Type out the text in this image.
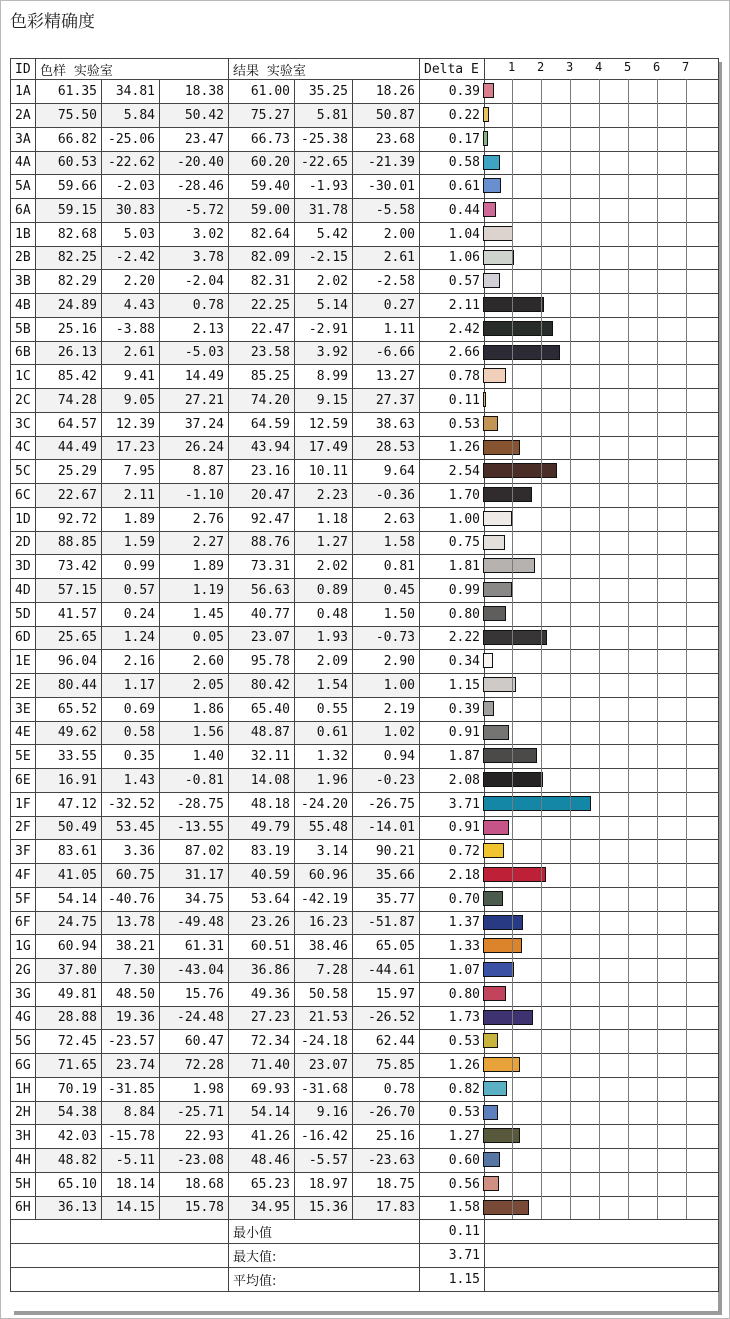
色彩精确度
ID	色样 实验室			结果 实验室			Delta E	
1A	61.35	34.81	18.38	61.00	35.25	18.26	0.39	
2A	75.50	5.84	50.42	75.27	5.81	50.87	0.22	
3A	66.82	-25.06	23.47	66.73	-25.38	23.68	0.17	
4A	60.53	-22.62	-20.40	60.20	-22.65	-21.39	0.58	
5A	59.66	-2.03	-28.46	59.40	-1.93	-30.01	0.61	
6A	59.15	30.83	-5.72	59.00	31.78	-5.58	0.44	
1B	82.68	5.03	3.02	82.64	5.42	2.00	1.04	
2B	82.25	-2.42	3.78	82.09	-2.15	2.61	1.06	
3B	82.29	2.20	-2.04	82.31	2.02	-2.58	0.57	
4B	24.89	4.43	0.78	22.25	5.14	0.27	2.11	
5B	25.16	-3.88	2.13	22.47	-2.91	1.11	2.42	
6B	26.13	2.61	-5.03	23.58	3.92	-6.66	2.66	
1C	85.42	9.41	14.49	85.25	8.99	13.27	0.78	
2C	74.28	9.05	27.21	74.20	9.15	27.37	0.11	
3C	64.57	12.39	37.24	64.59	12.59	38.63	0.53	
4C	44.49	17.23	26.24	43.94	17.49	28.53	1.26	
5C	25.29	7.95	8.87	23.16	10.11	9.64	2.54	
6C	22.67	2.11	-1.10	20.47	2.23	-0.36	1.70	
1D	92.72	1.89	2.76	92.47	1.18	2.63	1.00	
2D	88.85	1.59	2.27	88.76	1.27	1.58	0.75	
3D	73.42	0.99	1.89	73.31	2.02	0.81	1.81	
4D	57.15	0.57	1.19	56.63	0.89	0.45	0.99	
5D	41.57	0.24	1.45	40.77	0.48	1.50	0.80	
6D	25.65	1.24	0.05	23.07	1.93	-0.73	2.22	
1E	96.04	2.16	2.60	95.78	2.09	2.90	0.34	
2E	80.44	1.17	2.05	80.42	1.54	1.00	1.15	
3E	65.52	0.69	1.86	65.40	0.55	2.19	0.39	
4E	49.62	0.58	1.56	48.87	0.61	1.02	0.91	
5E	33.55	0.35	1.40	32.11	1.32	0.94	1.87	
6E	16.91	1.43	-0.81	14.08	1.96	-0.23	2.08	
1F	47.12	-32.52	-28.75	48.18	-24.20	-26.75	3.71	
2F	50.49	53.45	-13.55	49.79	55.48	-14.01	0.91	
3F	83.61	3.36	87.02	83.19	3.14	90.21	0.72	
4F	41.05	60.75	31.17	40.59	60.96	35.66	2.18	
5F	54.14	-40.76	34.75	53.64	-42.19	35.77	0.70	
6F	24.75	13.78	-49.48	23.26	16.23	-51.87	1.37	
1G	60.94	38.21	61.31	60.51	38.46	65.05	1.33	
2G	37.80	7.30	-43.04	36.86	7.28	-44.61	1.07	
3G	49.81	48.50	15.76	49.36	50.58	15.97	0.80	
4G	28.88	19.36	-24.48	27.23	21.53	-26.52	1.73	
5G	72.45	-23.57	60.47	72.34	-24.18	62.44	0.53	
6G	71.65	23.74	72.28	71.40	23.07	75.85	1.26	
1H	70.19	-31.85	1.98	69.93	-31.68	0.78	0.82	
2H	54.38	8.84	-25.71	54.14	9.16	-26.70	0.53	
3H	42.03	-15.78	22.93	41.26	-16.42	25.16	1.27	
4H	48.82	-5.11	-23.08	48.46	-5.57	-23.63	0.60	
5H	65.10	18.14	18.68	65.23	18.97	18.75	0.56	
6H	36.13	14.15	15.78	34.95	15.36	17.83	1.58	
				最小值			0.11	
				最大值:			3.71	
				平均值:			1.15	
1 2 3 4 5 6 7
